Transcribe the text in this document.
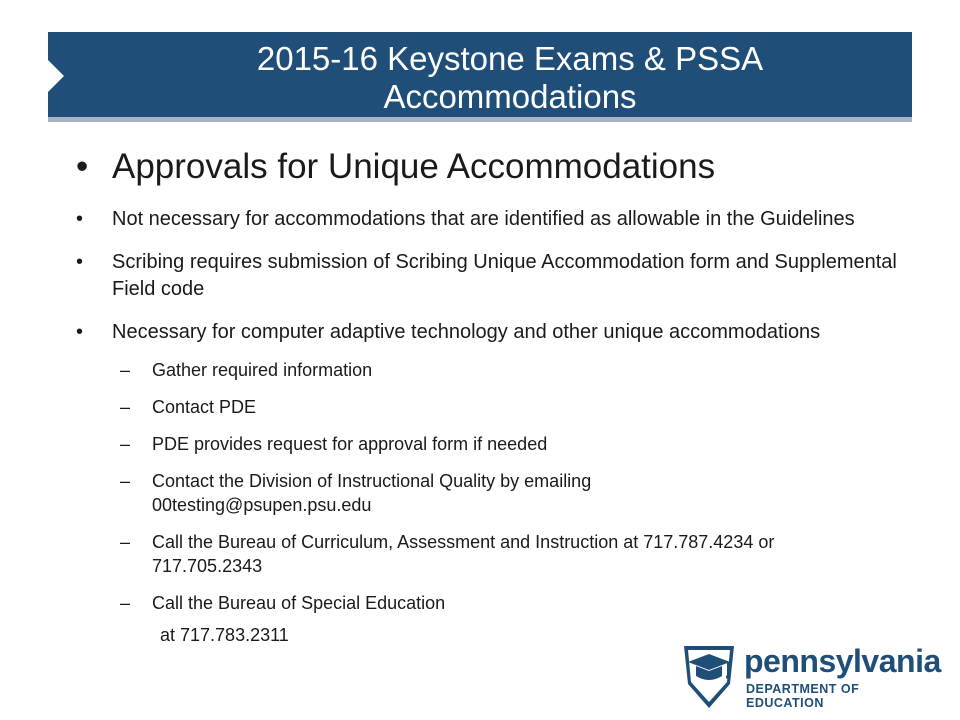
2015-16 Keystone Exams & PSSA
Accommodations
• Approvals for Unique Accommodations
• Not necessary for accommodations that are identified as allowable in the Guidelines
• Scribing requires submission of Scribing Unique Accommodation form and Supplemental Field code
• Necessary for computer adaptive technology and other unique accommodations
– Gather required information
– Contact PDE
– PDE provides request for approval form if needed
– Contact the Division of Instructional Quality by emailing 00testing@psupen.psu.edu
– Call the Bureau of Curriculum, Assessment and Instruction at 717.787.4234 or 717.705.2343
– Call the Bureau of Special Education
at 717.783.2311
pennsylvania
DEPARTMENT OF EDUCATION
